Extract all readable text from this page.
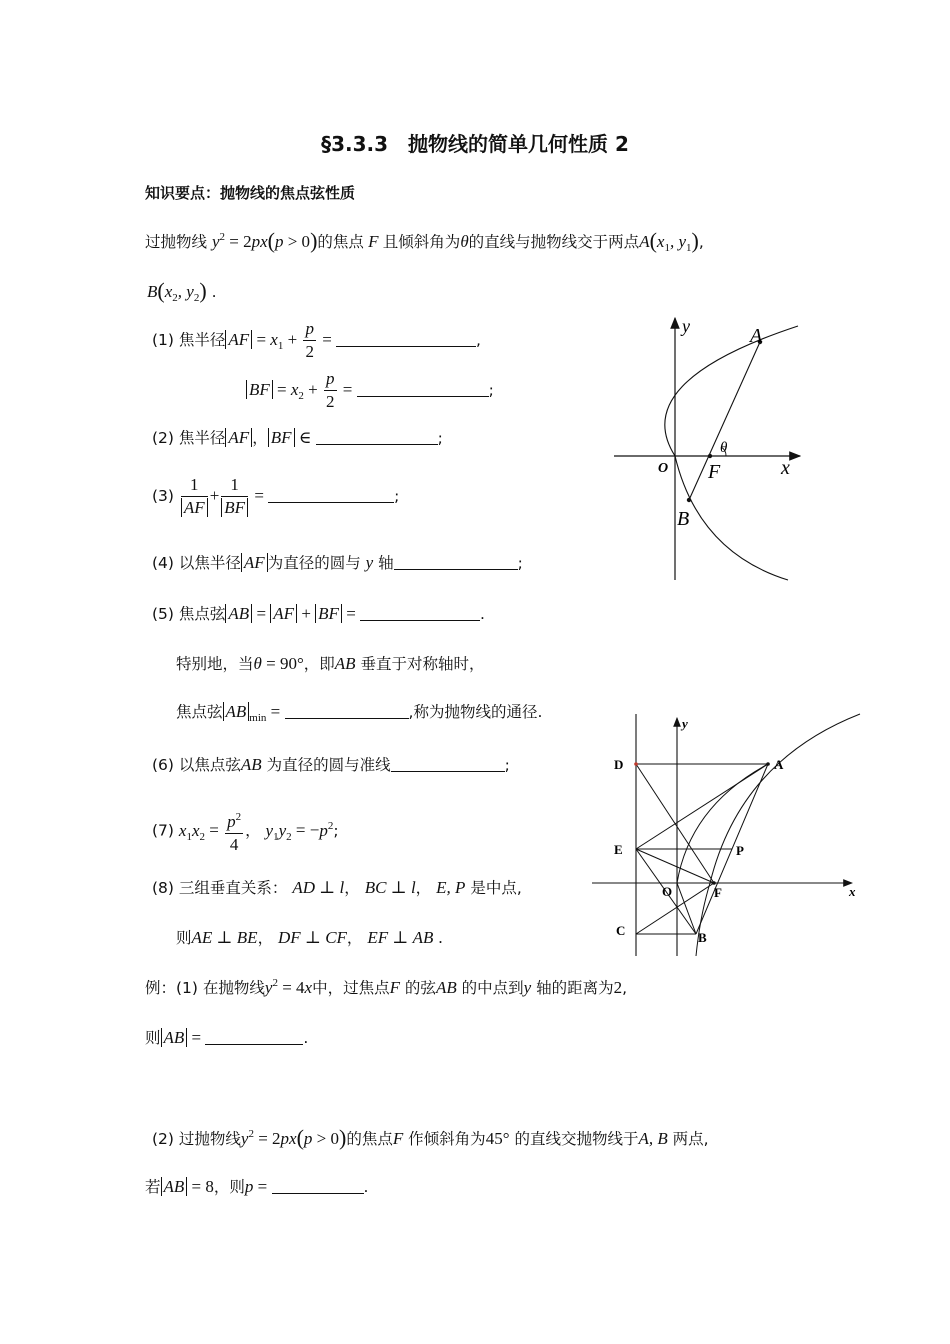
§3.3.3　抛物线的简单几何性质 2
知识要点：抛物线的焦点弦性质
过抛物线 $y^2 = 2px(p > 0)$的焦点 F 且倾斜角为θ的直线与抛物线交于两点$A(x_1$, $y_1$),
$B(x_2$, $y_2$) .
(1) 焦半径 AF = $x_1 + \frac{p}{2}$ =	,
BF = $x_2 + \frac{p}{2}$ =	;
(2) 焦半径 AF ， BF ∈	;
$(3) \frac{1}{AF} + \frac{1}{BF}$ =	;
(4) 以焦半径 AF 为直径的圆与 y 轴	;
(5) 焦点弦 AB = AF + BF =	.
特别地，当θ = 90°，即AB 垂直于对称轴时，
焦点弦 AB $_{min}$ =	,称为抛物线的通径.
(6) 以焦点弦AB 为直径的圆与准线	;
(7) $x_1x_2 = \frac{p^2}{4}$ ， $y_1y_2 = -p^2$;
(8) 三组垂直关系： AD ⊥ l， BC ⊥ l， E, P 是中点,
则AE ⊥ BE， DF ⊥ CF， EF ⊥ AB .
例：(1) 在抛物线$y^2 = 4x$中，过焦点F 的弦AB 的中点到y 轴的距离为2,
则 AB =	.
(2) 过抛物线$y^2 = 2px(p > 0)$的焦点F 作倾斜角为45° 的直线交抛物线于A, B 两点,
若 AB = 8，则p =	.
y	A
θ
O F	x
B
y
D	A
E	P
O	F	x
C	B
